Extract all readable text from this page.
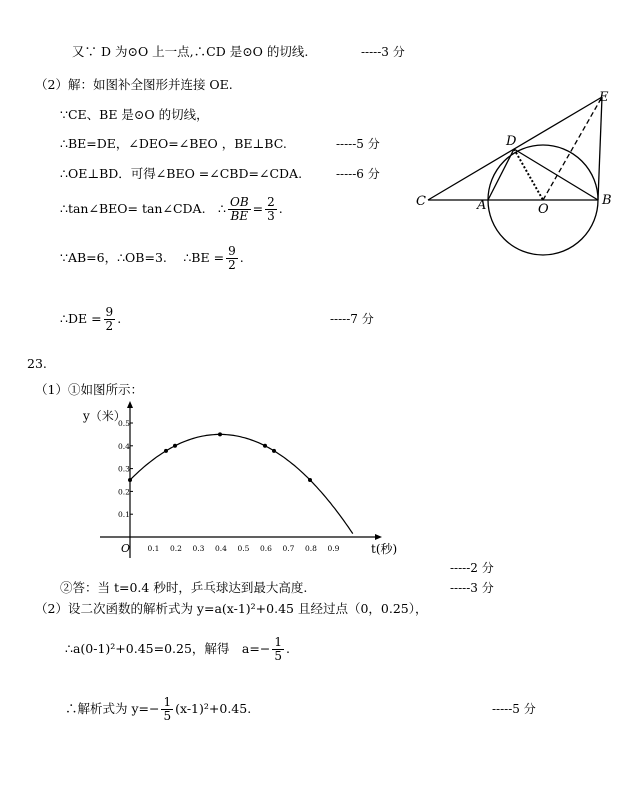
又∵ D 为⊙O 上一点,∴CD 是⊙O 的切线.	-----3 分
（2）解：如图补全图形并连接 OE.
∵CE、BE 是⊙O 的切线，
∴BE=DE，∠DEO=∠BEO ，BE⊥BC.	-----5 分
∴OE⊥BD．可得∠BEO =∠CBD=∠CDA.	-----6 分
∴tan∠BEO= tan∠CDA.　∴ $\frac{OB}{BE} = \frac{2}{3}$ .
∵AB=6，∴OB=3.　 ∴BE = $\frac{9}{2}$ .
∴DE = $\frac{9}{2}$ .	-----7 分
E
D
C	A	O
B
23.
（1）①如图所示：
y（米）
t(秒)
O
0.1
0.2
0.3
0.4
0.5
0.1 0.2 0.3 0.4 0.5 0.6 0.7 0.8 0.9
-----2 分
②答：当 t=0.4 秒时，乒乓球达到最大高度.	-----3 分
（2）设二次函数的解析式为 y=a(x-1)²+0.45 且经过点（0，0.25），
∴a(0-1)²+0.45=0.25，解得　$a=- \frac{1}{5}$ .
∴解析式为 $y=- \frac{1}{5} (x-1)^2+0.45$.	-----5 分
